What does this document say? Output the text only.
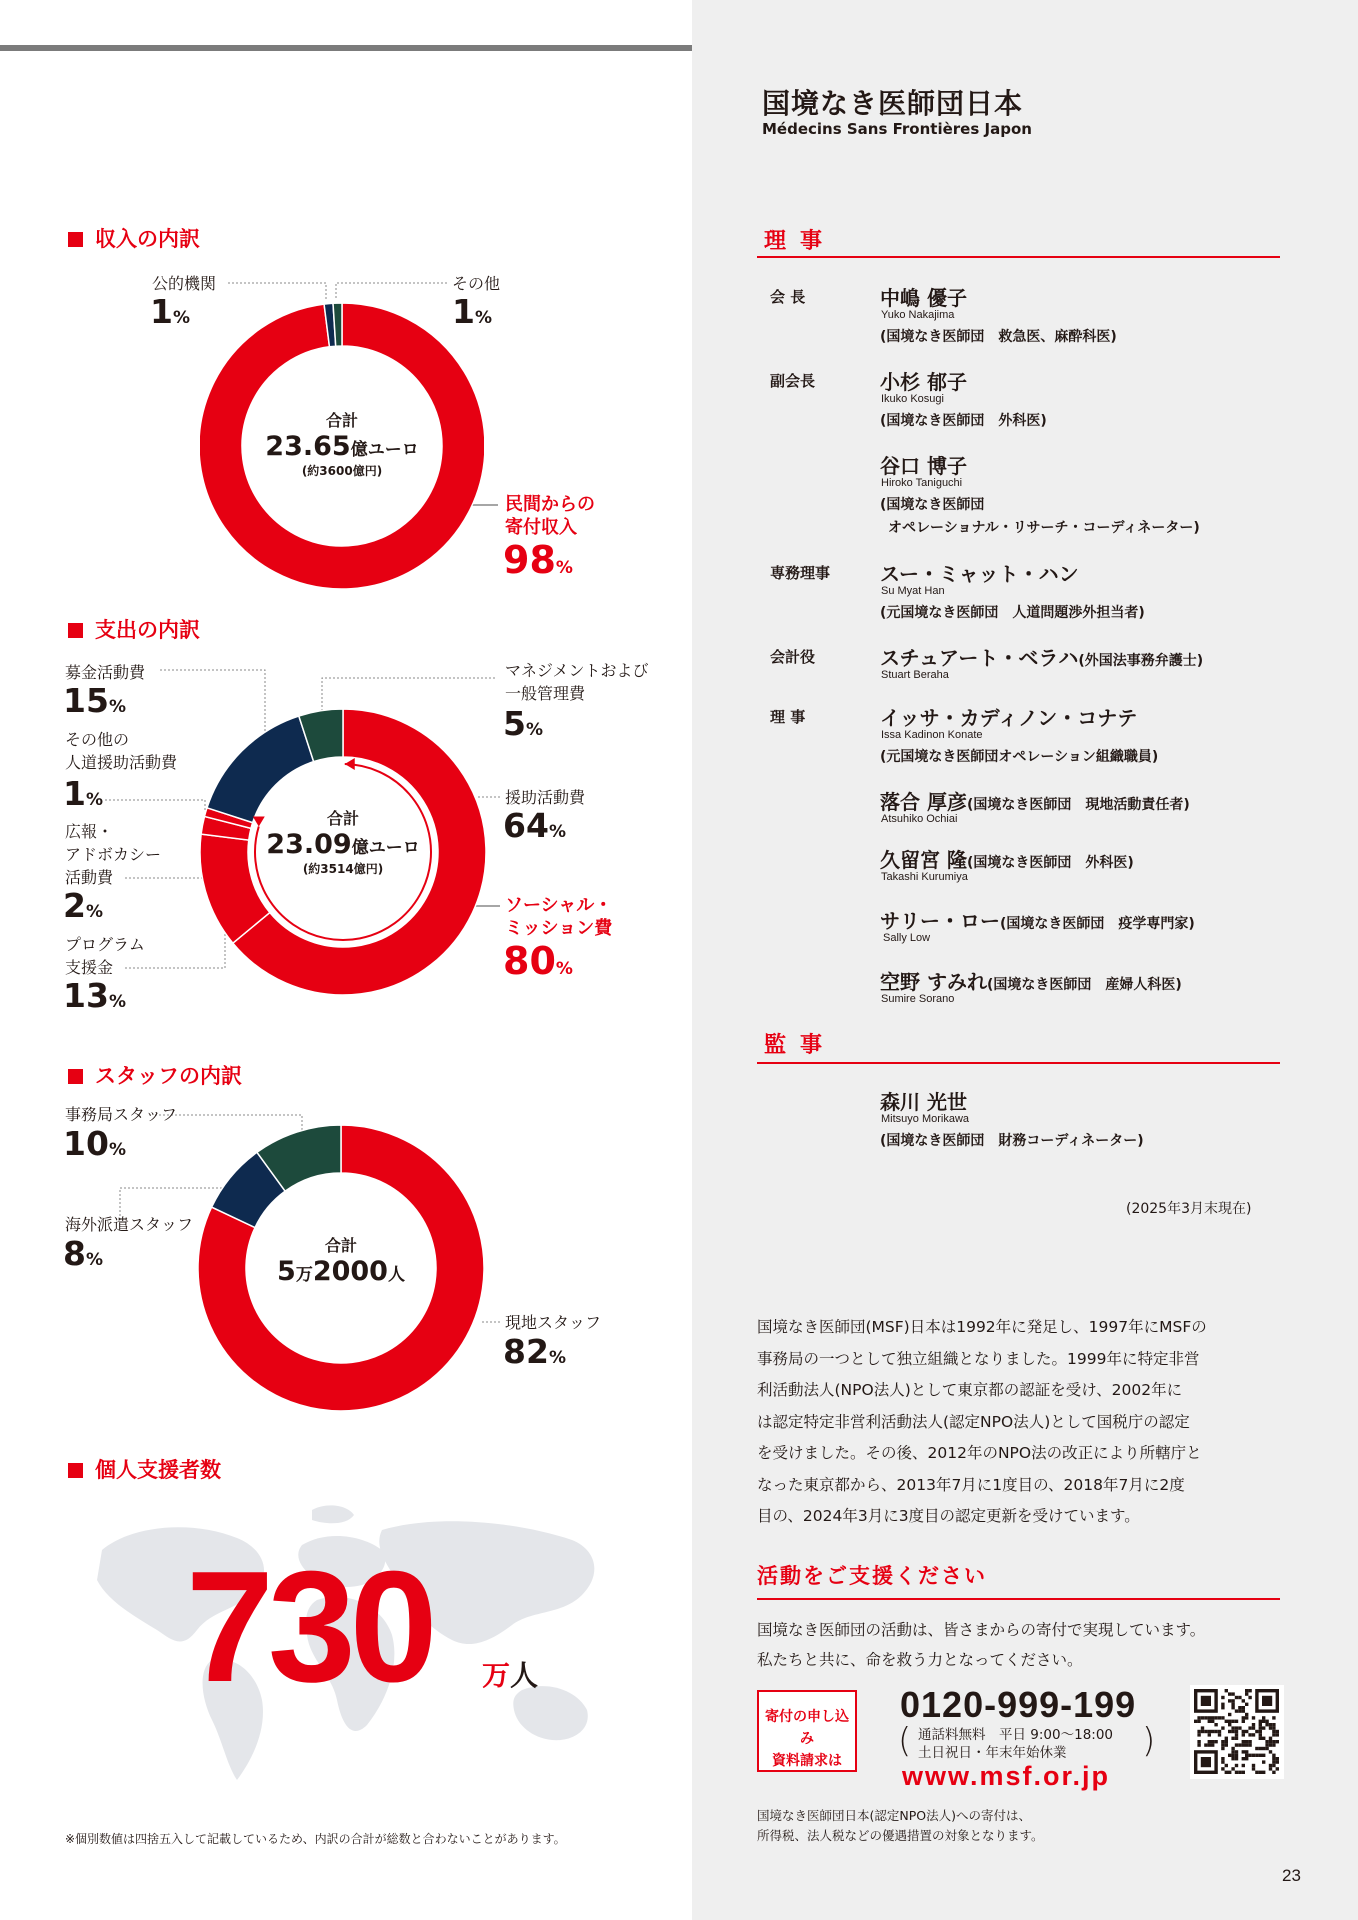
収入の内訳
公的機関
1%
その他
1%
合計
23.65億ユーロ
(約3600億円)
民間からの
寄付収入
98%
支出の内訳
募金活動費
15%
その他の
人道援助活動費
1%
広報・
アドボカシー
活動費
2%
プログラム
支援金
13%
マネジメントおよび
一般管理費
5%
援助活動費
64%
ソーシャル・
ミッション費
80%
合計
23.09億ユーロ
(約3514億円)
スタッフの内訳
事務局スタッフ
10%
海外派遣スタッフ
8%
現地スタッフ
82%
合計
5万2000人
個人支援者数
730 万人
※個別数値は四捨五入して記載しているため、内訳の合計が総数と合わないことがあります。
国境なき医師団日本
Médecins Sans Frontières Japon
理事
会 長	中嶋 優子
Yuko Nakajima
(国境なき医師団　救急医、麻酔科医)
副会長	小杉 郁子
Ikuko Kosugi
(国境なき医師団　外科医)
谷口 博子
Hiroko Taniguchi
(国境なき医師団
オペレーショナル・リサーチ・コーディネーター)
専務理事 スー・ミャット・ハン
Su Myat Han
(元国境なき医師団　人道問題渉外担当者)
会計役	スチュアート・ベラハ(外国法事務弁護士)
Stuart Beraha
理 事	イッサ・カディノン・コナテ
Issa Kadinon Konate
(元国境なき医師団オペレーション組織職員)
落合 厚彦(国境なき医師団　現地活動責任者)
Atsuhiko Ochiai
久留宮 隆(国境なき医師団　外科医)
Takashi Kurumiya
サリー・ロー(国境なき医師団　疫学専門家)
Sally Low
空野 すみれ(国境なき医師団　産婦人科医)
Sumire Sorano
監事
森川 光世
Mitsuyo Morikawa
(国境なき医師団　財務コーディネーター)
(2025年3月末現在)
国境なき医師団(MSF)日本は1992年に発足し、1997年にMSFの
事務局の一つとして独立組織となりました。1999年に特定非営
利活動法人(NPO法人)として東京都の認証を受け、2002年に
は認定特定非営利活動法人(認定NPO法人)として国税庁の認定
を受けました。その後、2012年のNPO法の改正により所轄庁と
なった東京都から、2013年7月に1度目の、2018年7月に2度
目の、2024年3月に3度目の認定更新を受けています。
活動をご支援ください
国境なき医師団の活動は、皆さまからの寄付で実現しています。
私たちと共に、命を救う力となってください。
寄付の申し込み
資料請求は
0120-999-199
( 通話料無料　平日 9:00〜18:00
土日祝日・年末年始休業 )
www.msf.or.jp
国境なき医師団日本(認定NPO法人)への寄付は、
所得税、法人税などの優遇措置の対象となります。
23
